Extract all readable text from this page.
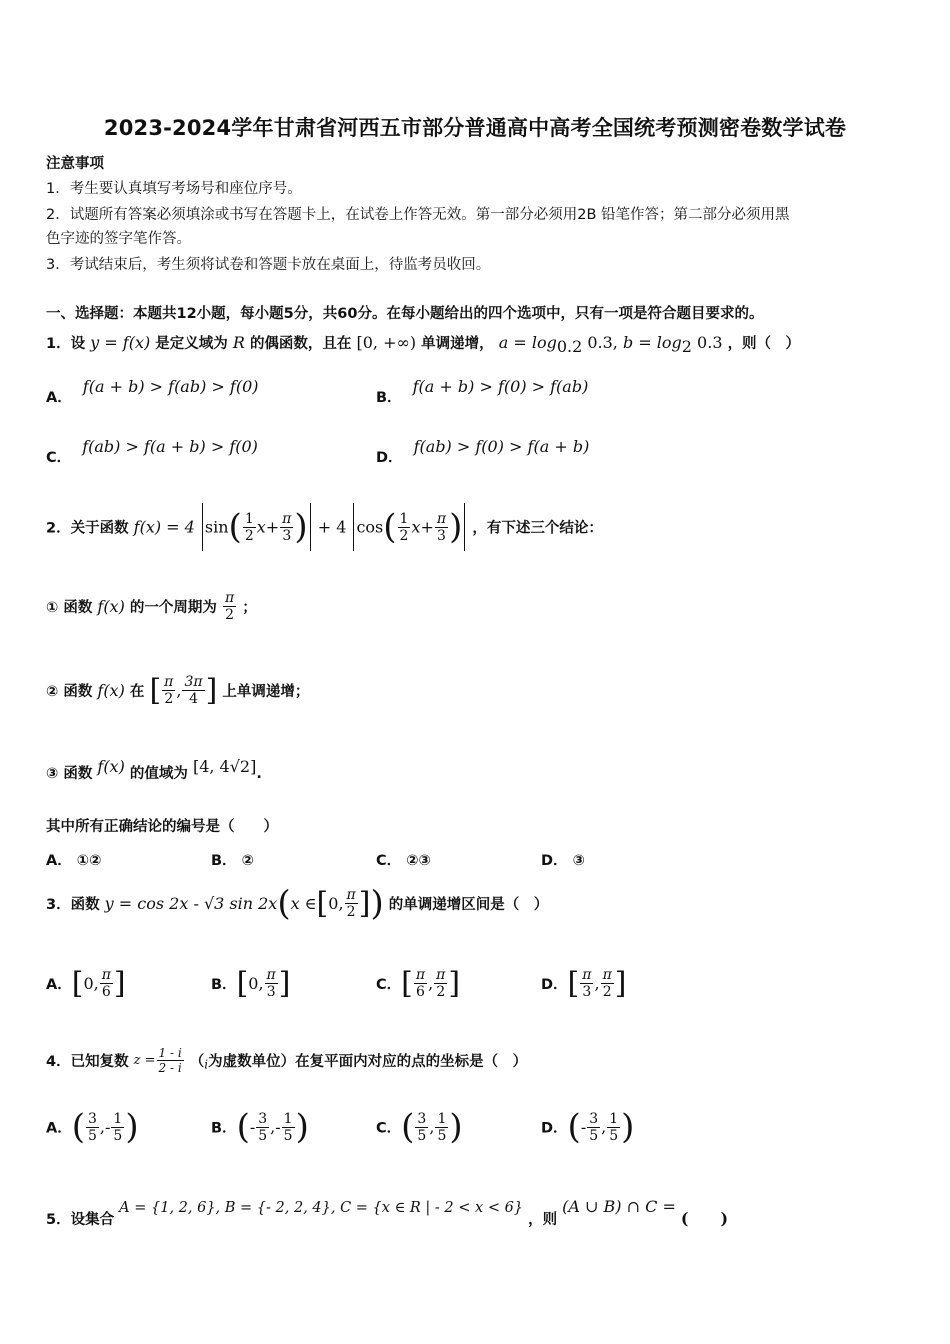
2023-2024学年甘肃省河西五市部分普通高中高考全国统考预测密卷数学试卷
注意事项
1．考生要认真填写考场号和座位序号。
2．试题所有答案必须填涂或书写在答题卡上，在试卷上作答无效。第一部分必须用2B 铅笔作答；第二部分必须用黑
色字迹的签字笔作答。
3．考试结束后，考生须将试卷和答题卡放在桌面上，待监考员收回。
一、选择题：本题共12小题，每小题5分，共60分。在每小题给出的四个选项中，只有一项是符合题目要求的。
1．设 y = f(x) 是定义域为 R 的偶函数，且在 [0, +∞) 单调递增， $a = \log_{0.2} 0.3$, $b = \log_2 0.3$ ，则（　）
A． f(a + b) > f(ab) > f(0)
B． f(a + b) > f(0) > f(ab)
C． f(ab) > f(a + b) > f(0)
D． f(ab) > f(0) > f(a + b)
2．关于函数 f(x) = 4 $\sin( \frac{1}{2} x+ \frac{\pi}{3}$ ) + 4 $\cos( \frac{1}{2} x+ \frac{\pi}{3}$ ) ，有下述三个结论：
① 函数 f(x) 的一个周期为 $\frac{\pi}{2}$ ；
② 函数 f(x) 在 [ $\frac{\pi}{2}$ , $\frac{3\pi}{4}$ ] 上单调递增；
③ 函数 f(x) 的值域为 [4, 4√2].
其中所有正确结论的编号是（　　）
A． ①②	B． ②	C． ②③	D． ③
3．函数 y = cos 2x - √3 sin 2x(x ∈[0, $\frac{\pi}{2}$ ]) 的单调递增区间是（　）
A．[0, $\frac{\pi}{6}$ ]	B．[0, $\frac{\pi}{3}$ ]	C．[ $\frac{\pi}{6}$ , $\frac{\pi}{2}$ ]	D．[ $\frac{\pi}{3}$ , $\frac{\pi}{2}$ ]
4．已知复数 $z = \frac{1 - i}{2 - i} (_i$为虚数单位）在复平面内对应的点的坐标是（　）
A．( $\frac{3}{5}$ ,- $\frac{1}{5}$ )	B．(- $\frac{3}{5}$ ,- $\frac{1}{5}$ )	C．( $\frac{3}{5}$ , $\frac{1}{5}$ )	D．(- $\frac{3}{5}$ , $\frac{1}{5}$ )
5．设集合 A = {1, 2, 6}, B = {- 2, 2, 4}, C = {x ∈ R | - 2 < x < 6} ，则 (A ∪ B) ∩ C = (　　)
